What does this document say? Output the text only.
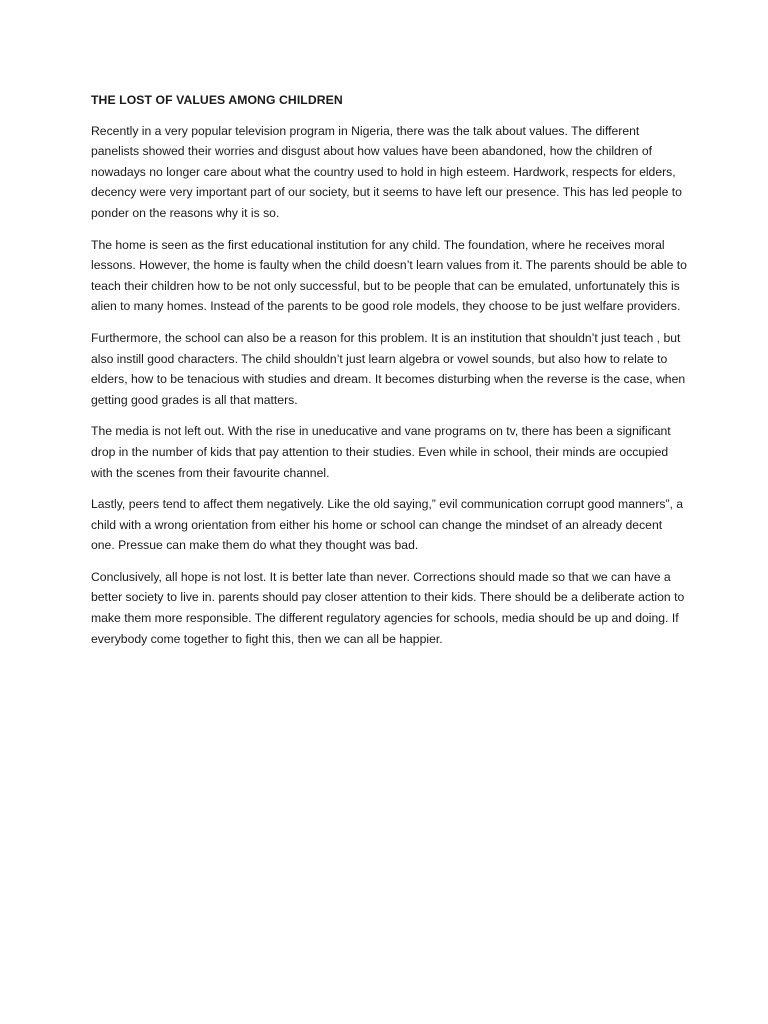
THE LOST OF VALUES AMONG CHILDREN

Recently in a very popular television program in Nigeria, there was the talk about values. The different panelists showed their worries and disgust about how values have been abandoned, how the children of nowadays no longer care about what the country used to hold in high esteem. Hardwork, respects for elders, decency were very important part of our society, but it seems to have left our presence. This has led people to ponder on the reasons why it is so.

The home is seen as the first educational institution for any child. The foundation, where he receives moral lessons. However, the home is faulty when the child doesn’t learn values from it. The parents should be able to teach their children how to be not only successful, but to be people that can be emulated, unfortunately this is alien to many homes. Instead of the parents to be good role models, they choose to be just welfare providers.

Furthermore, the school can also be a reason for this problem. It is an institution that shouldn’t just teach , but also instill good characters. The child shouldn’t just learn algebra or vowel sounds, but also how to relate to elders, how to be tenacious with studies and dream. It becomes disturbing when the reverse is the case, when getting good grades is all that matters.

The media is not left out. With the rise in uneducative and vane programs on tv, there has been a significant drop in the number of kids that pay attention to their studies. Even while in school, their minds are occupied with the scenes from their favourite channel.

Lastly, peers tend to affect them negatively. Like the old saying,” evil communication corrupt good manners”, a child with a wrong orientation from either his home or school can change the mindset of an already decent one. Pressue can make them do what they thought was bad.

Conclusively, all hope is not lost. It is better late than never. Corrections should made so that we can have a better society to live in. parents should pay closer attention to their kids. There should be a deliberate action to make them more responsible. The different regulatory agencies for schools, media should be up and doing. If everybody come together to fight this, then we can all be happier.
